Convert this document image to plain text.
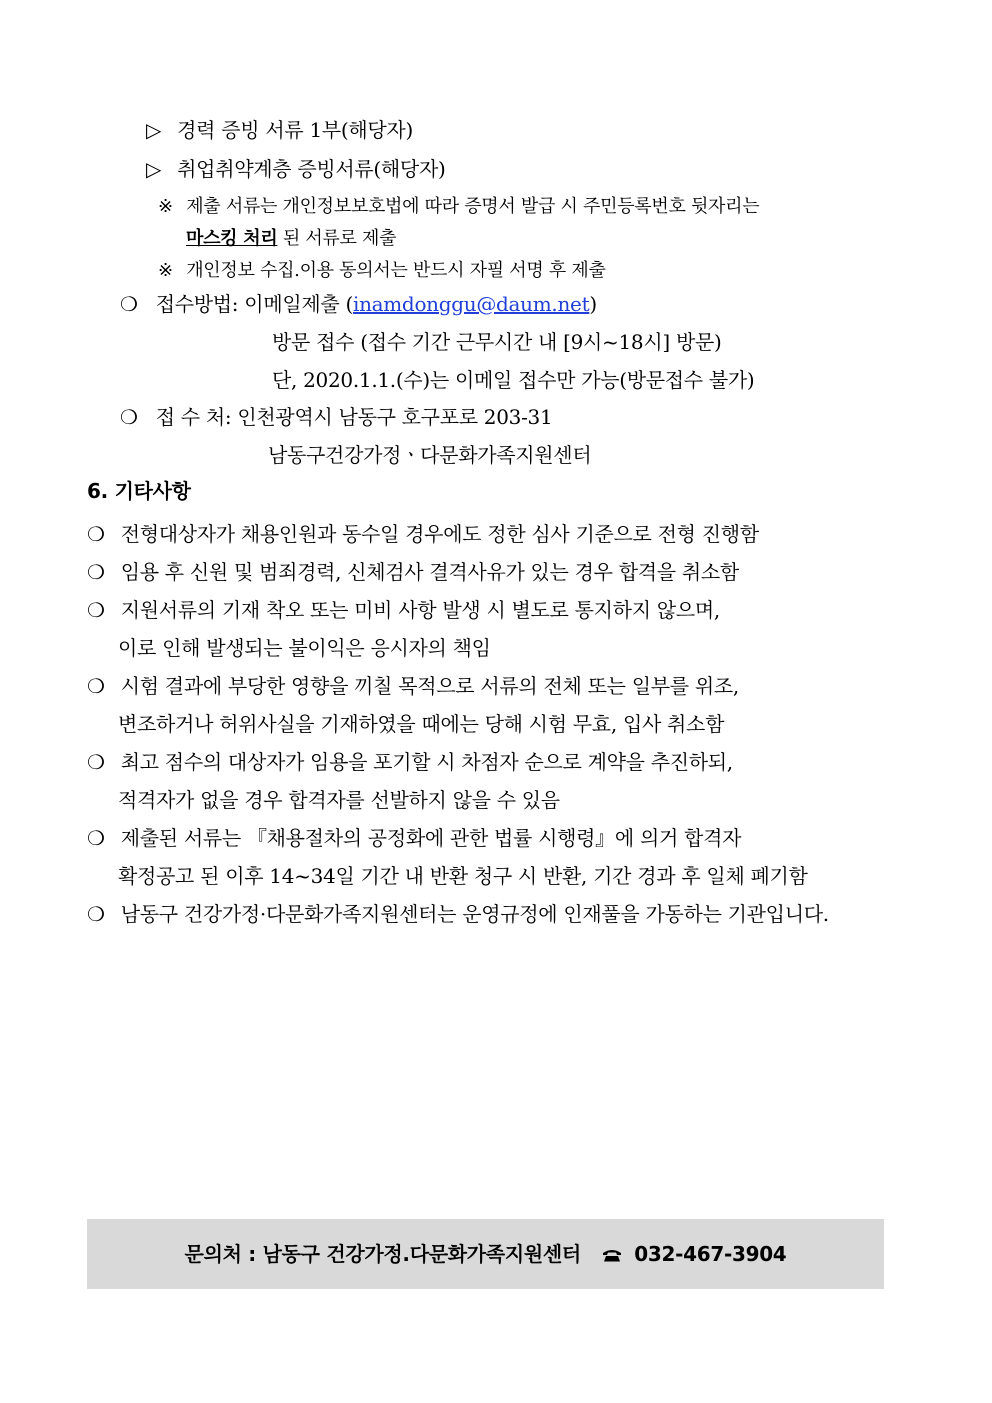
▷ 경력 증빙 서류 1부(해당자)
▷ 취업취약계층 증빙서류(해당자)
※ 제출 서류는 개인정보보호법에 따라 증명서 발급 시 주민등록번호 뒷자리는
마스킹 처리 된 서류로 제출
※ 개인정보 수집.이용 동의서는 반드시 자필 서명 후 제출
❍ 접수방법: 이메일제출 (inamdonggu@daum.net)
방문 접수 (접수 기간 근무시간 내 [9시~18시] 방문)
단, 2020.1.1.(수)는 이메일 접수만 가능(방문접수 불가)
❍ 접 수 처: 인천광역시 남동구 호구포로 203-31
남동구건강가정ㆍ다문화가족지원센터
6. 기타사항
❍ 전형대상자가 채용인원과 동수일 경우에도 정한 심사 기준으로 전형 진행함
❍ 임용 후 신원 및 범죄경력, 신체검사 결격사유가 있는 경우 합격을 취소함
❍ 지원서류의 기재 착오 또는 미비 사항 발생 시 별도로 통지하지 않으며,
이로 인해 발생되는 불이익은 응시자의 책임
❍ 시험 결과에 부당한 영향을 끼칠 목적으로 서류의 전체 또는 일부를 위조,
변조하거나 허위사실을 기재하였을 때에는 당해 시험 무효, 입사 취소함
❍ 최고 점수의 대상자가 임용을 포기할 시 차점자 순으로 계약을 추진하되,
적격자가 없을 경우 합격자를 선발하지 않을 수 있음
❍ 제출된 서류는 『채용절차의 공정화에 관한 법률 시행령』에 의거 합격자
확정공고 된 이후 14~34일 기간 내 반환 청구 시 반환, 기간 경과 후 일체 폐기함
❍ 남동구 건강가정·다문화가족지원센터는 운영규정에 인재풀을 가동하는 기관입니다.
문의처 : 남동구 건강가정.다문화가족지원센터	032-467-3904
